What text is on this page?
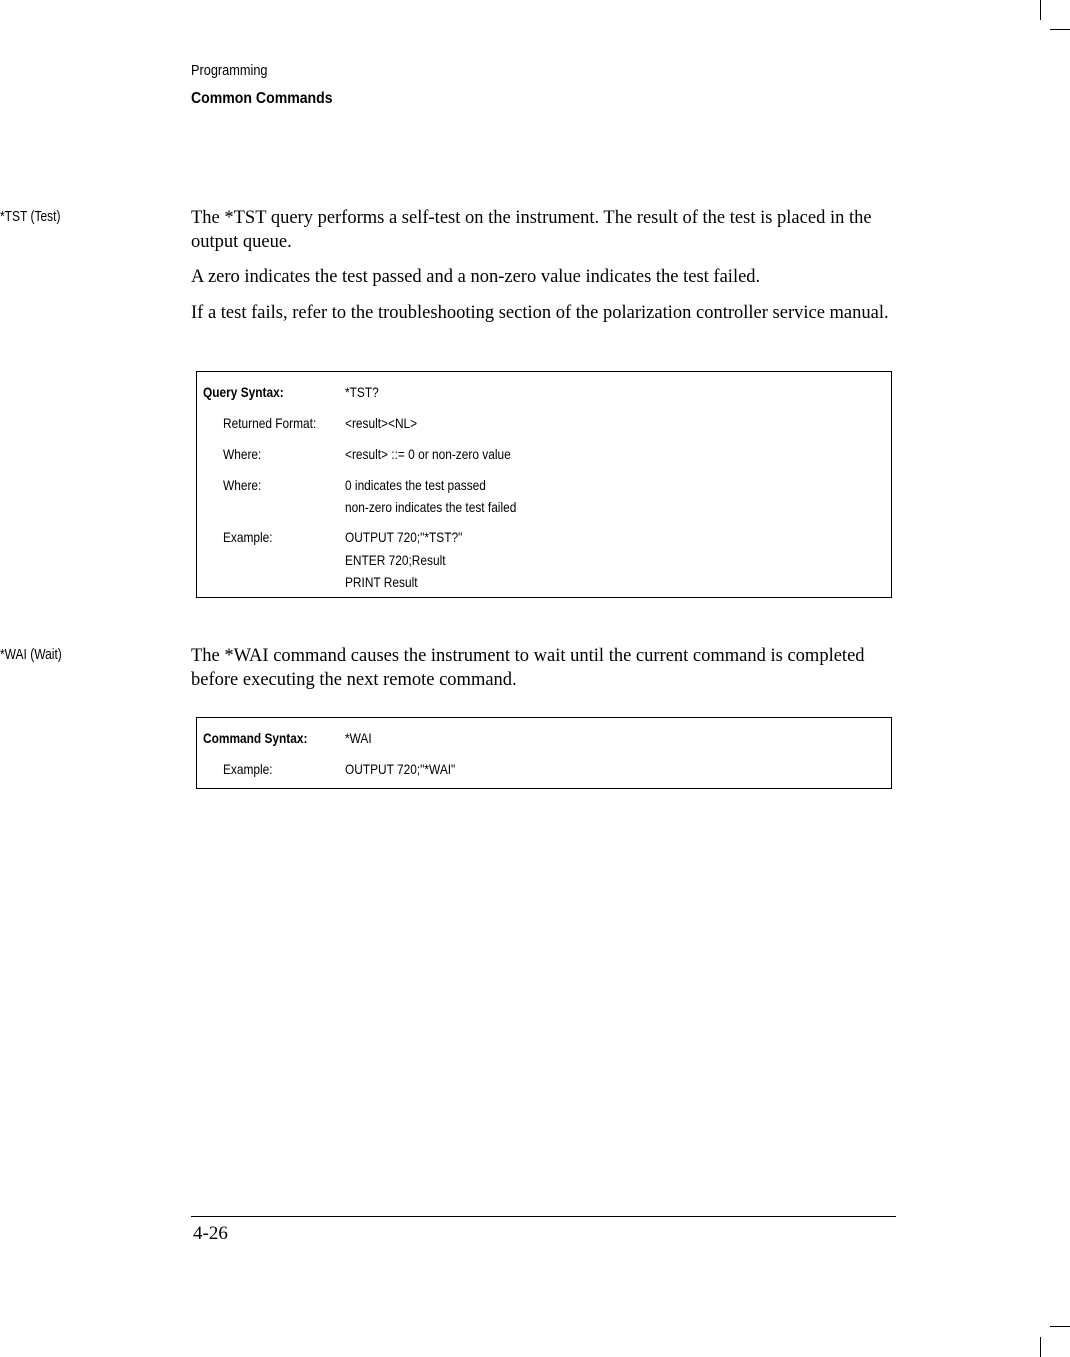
Programming
Common Commands
*TST (Test)	The *TST query performs a self-test on the instrument. The result of the test is placed in the output queue.
A zero indicates the test passed and a non-zero value indicates the test failed.
If a test fails, refer to the troubleshooting section of the polarization controller service manual.
Query Syntax:	*TST?
Returned Format: <result><NL>
Where:	<result> ::= 0 or non-zero value
Where:	0 indicates the test passed
non-zero indicates the test failed
Example:	OUTPUT 720;"*TST?"
ENTER 720;Result
PRINT Result
*WAI (Wait)	The *WAI command causes the instrument to wait until the current command is completed before executing the next remote command.
Command Syntax:	*WAI
Example:	OUTPUT 720;"*WAI"
4-26
